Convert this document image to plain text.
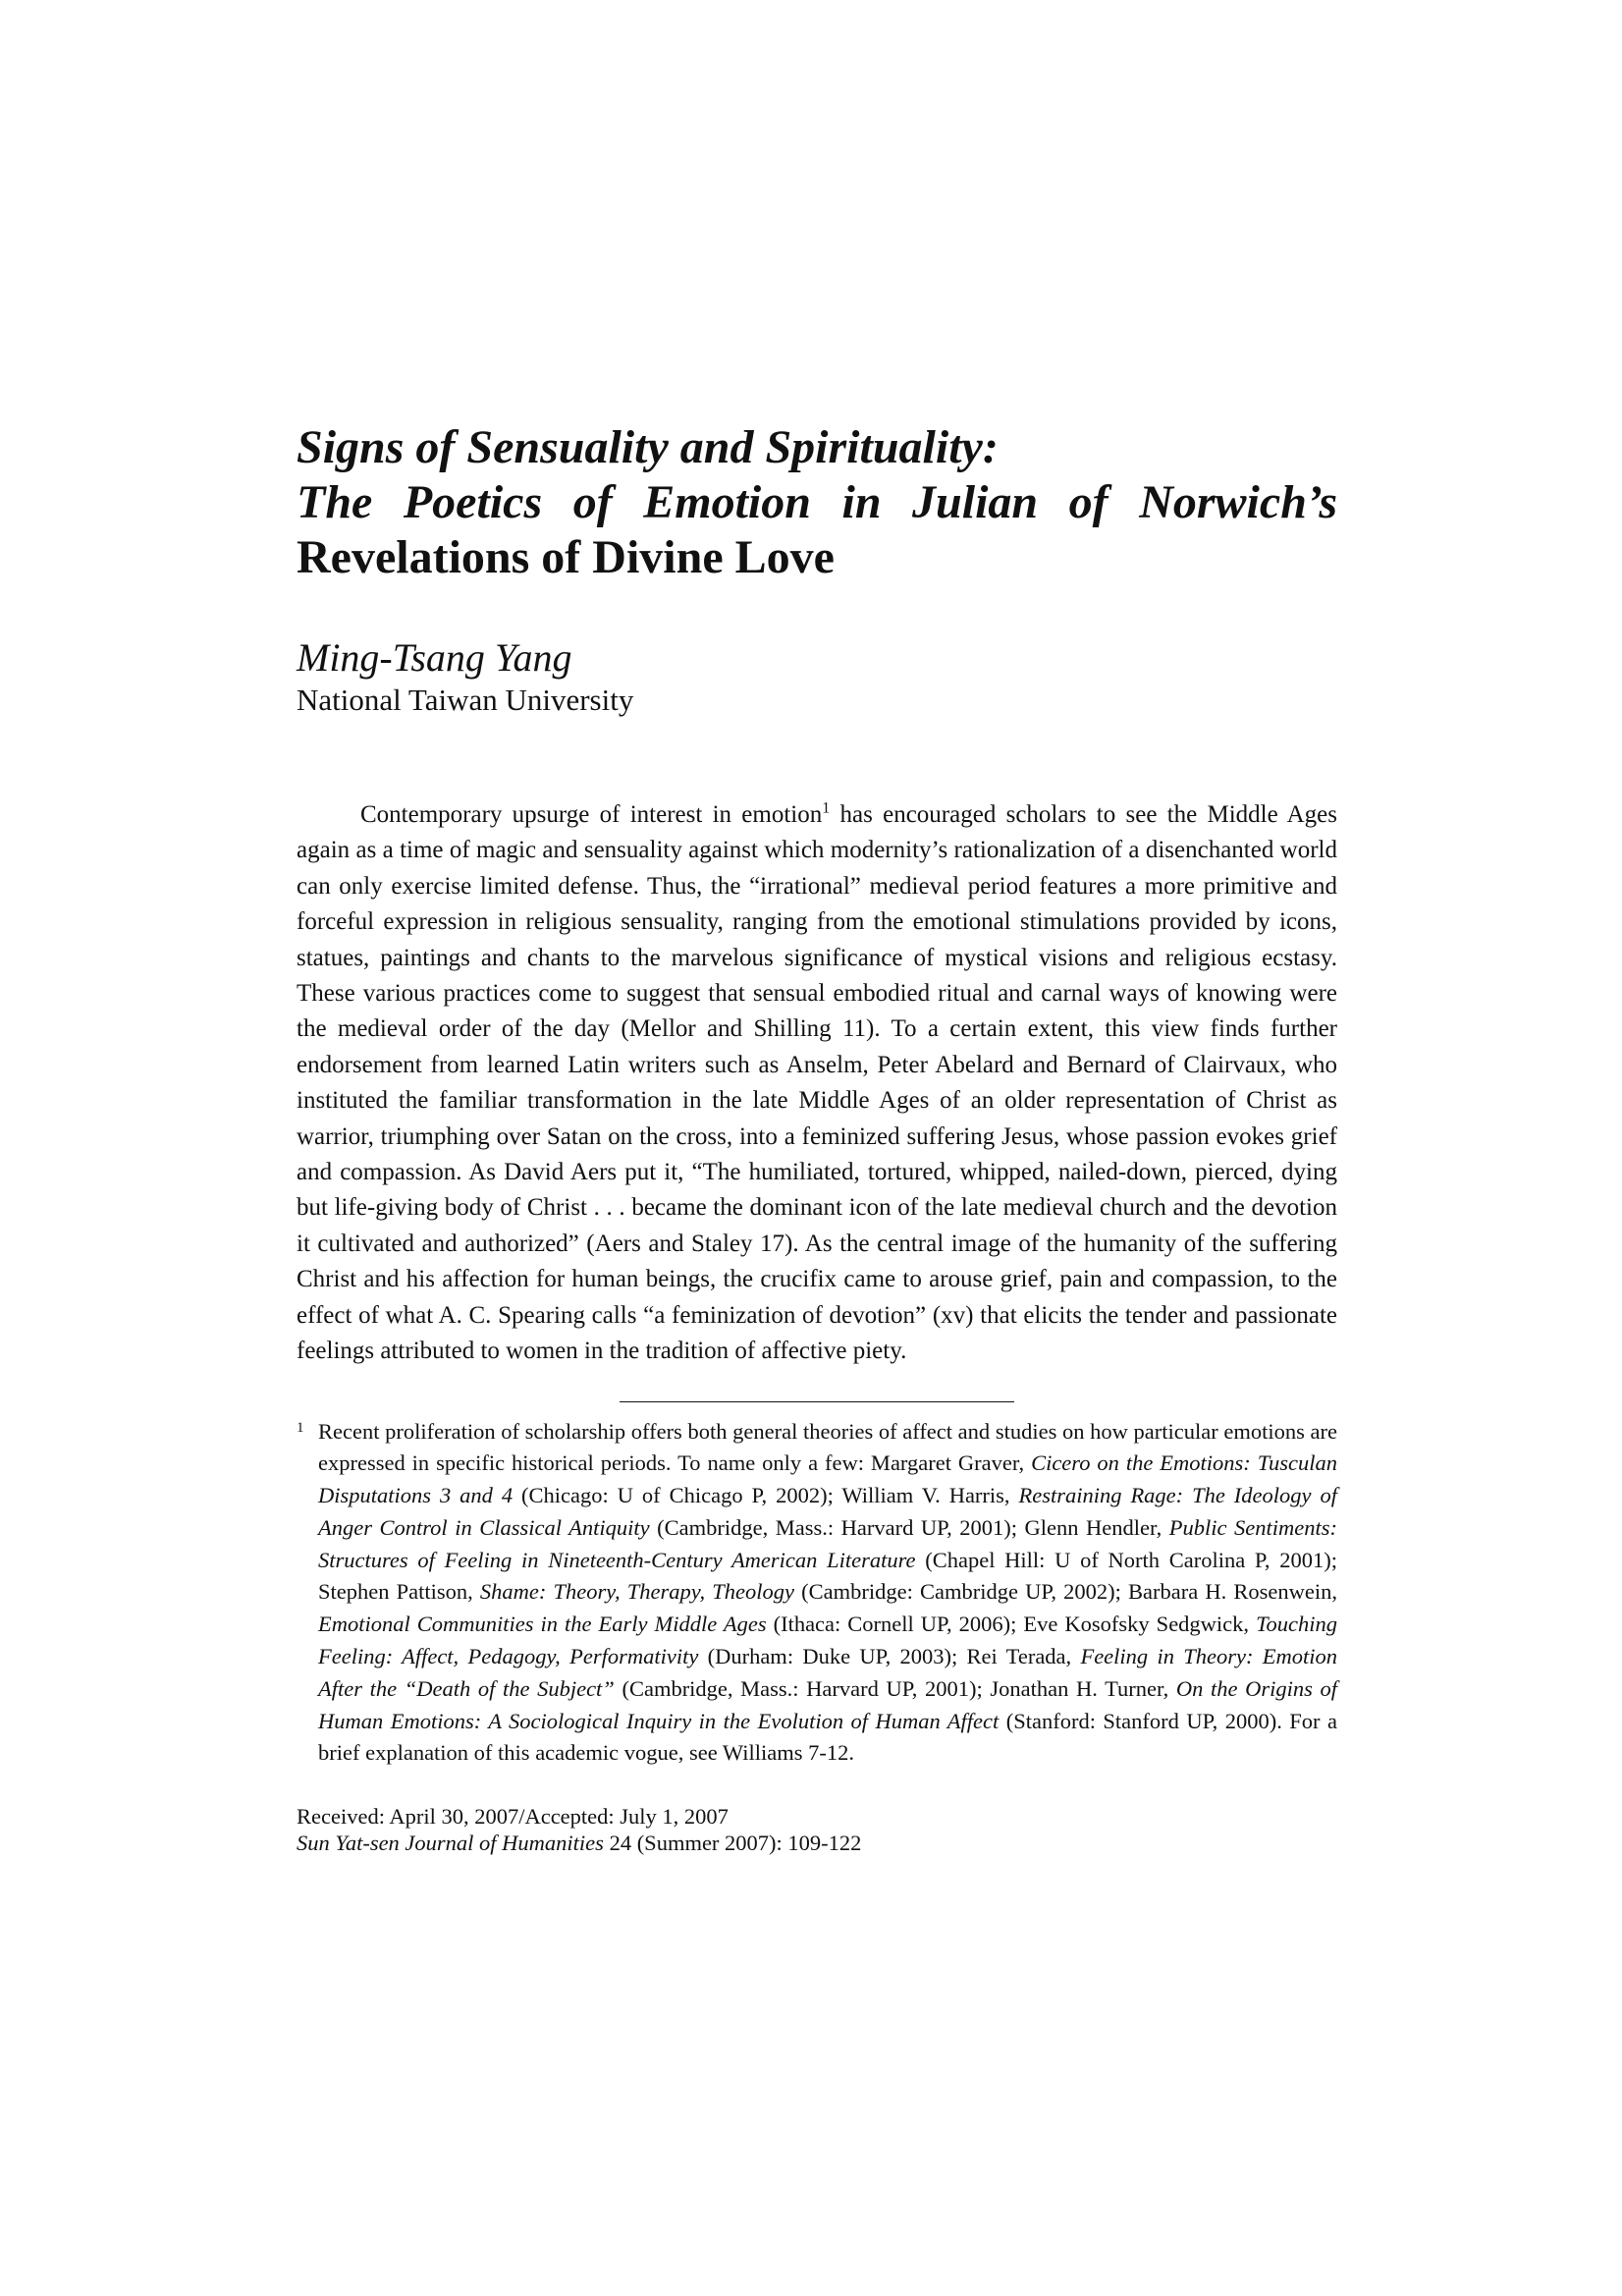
Signs of Sensuality and Spirituality:
The Poetics of Emotion in Julian of Norwich’s
Revelations of Divine Love

Ming-Tsang Yang

National Taiwan University

Contemporary upsurge of interest in emotion$^1$ has encouraged scholars to see the Middle Ages again as a time of magic and sensuality against which modernity’s rationalization of a disenchanted world can only exercise limited defense. Thus, the “irrational” medieval period features a more primitive and forceful expression in religious sensuality, ranging from the emotional stimulations provided by icons, statues, paintings and chants to the marvelous significance of mystical visions and religious ecstasy. These various practices come to suggest that sensual embodied ritual and carnal ways of knowing were the medieval order of the day (Mellor and Shilling 11). To a certain extent, this view finds further endorsement from learned Latin writers such as Anselm, Peter Abelard and Bernard of Clairvaux, who instituted the familiar transformation in the late Middle Ages of an older representation of Christ as warrior, triumphing over Satan on the cross, into a feminized suffering Jesus, whose passion evokes grief and compassion. As David Aers put it, “The humiliated, tortured, whipped, nailed-down, pierced, dying but life-giving body of Christ . . . became the dominant icon of the late medieval church and the devotion it cultivated and authorized” (Aers and Staley 17). As the central image of the humanity of the suffering Christ and his affection for human beings, the crucifix came to arouse grief, pain and compassion, to the effect of what A. C. Spearing calls “a feminization of devotion” (xv) that elicits the tender and passionate feelings attributed to women in the tradition of affective piety.

1 Recent proliferation of scholarship offers both general theories of affect and studies on how particular emotions are expressed in specific historical periods. To name only a few: Margaret Graver, Cicero on the Emotions: Tusculan Disputations 3 and 4 (Chicago: U of Chicago P, 2002); William V. Harris, Restraining Rage: The Ideology of Anger Control in Classical Antiquity (Cambridge, Mass.: Harvard UP, 2001); Glenn Hendler, Public Sentiments: Structures of Feeling in Nineteenth-Century American Literature (Chapel Hill: U of North Carolina P, 2001); Stephen Pattison, Shame: Theory, Therapy, Theology (Cambridge: Cambridge UP, 2002); Barbara H. Rosenwein, Emotional Communities in the Early Middle Ages (Ithaca: Cornell UP, 2006); Eve Kosofsky Sedgwick, Touching Feeling: Affect, Pedagogy, Performativity (Durham: Duke UP, 2003); Rei Terada, Feeling in Theory: Emotion After the “Death of the Subject” (Cambridge, Mass.: Harvard UP, 2001); Jonathan H. Turner, On the Origins of Human Emotions: A Sociological Inquiry in the Evolution of Human Affect (Stanford: Stanford UP, 2000). For a brief explanation of this academic vogue, see Williams 7-12.
Received: April 30, 2007/Accepted: July 1, 2007
Sun Yat-sen Journal of Humanities 24 (Summer 2007): 109-122
